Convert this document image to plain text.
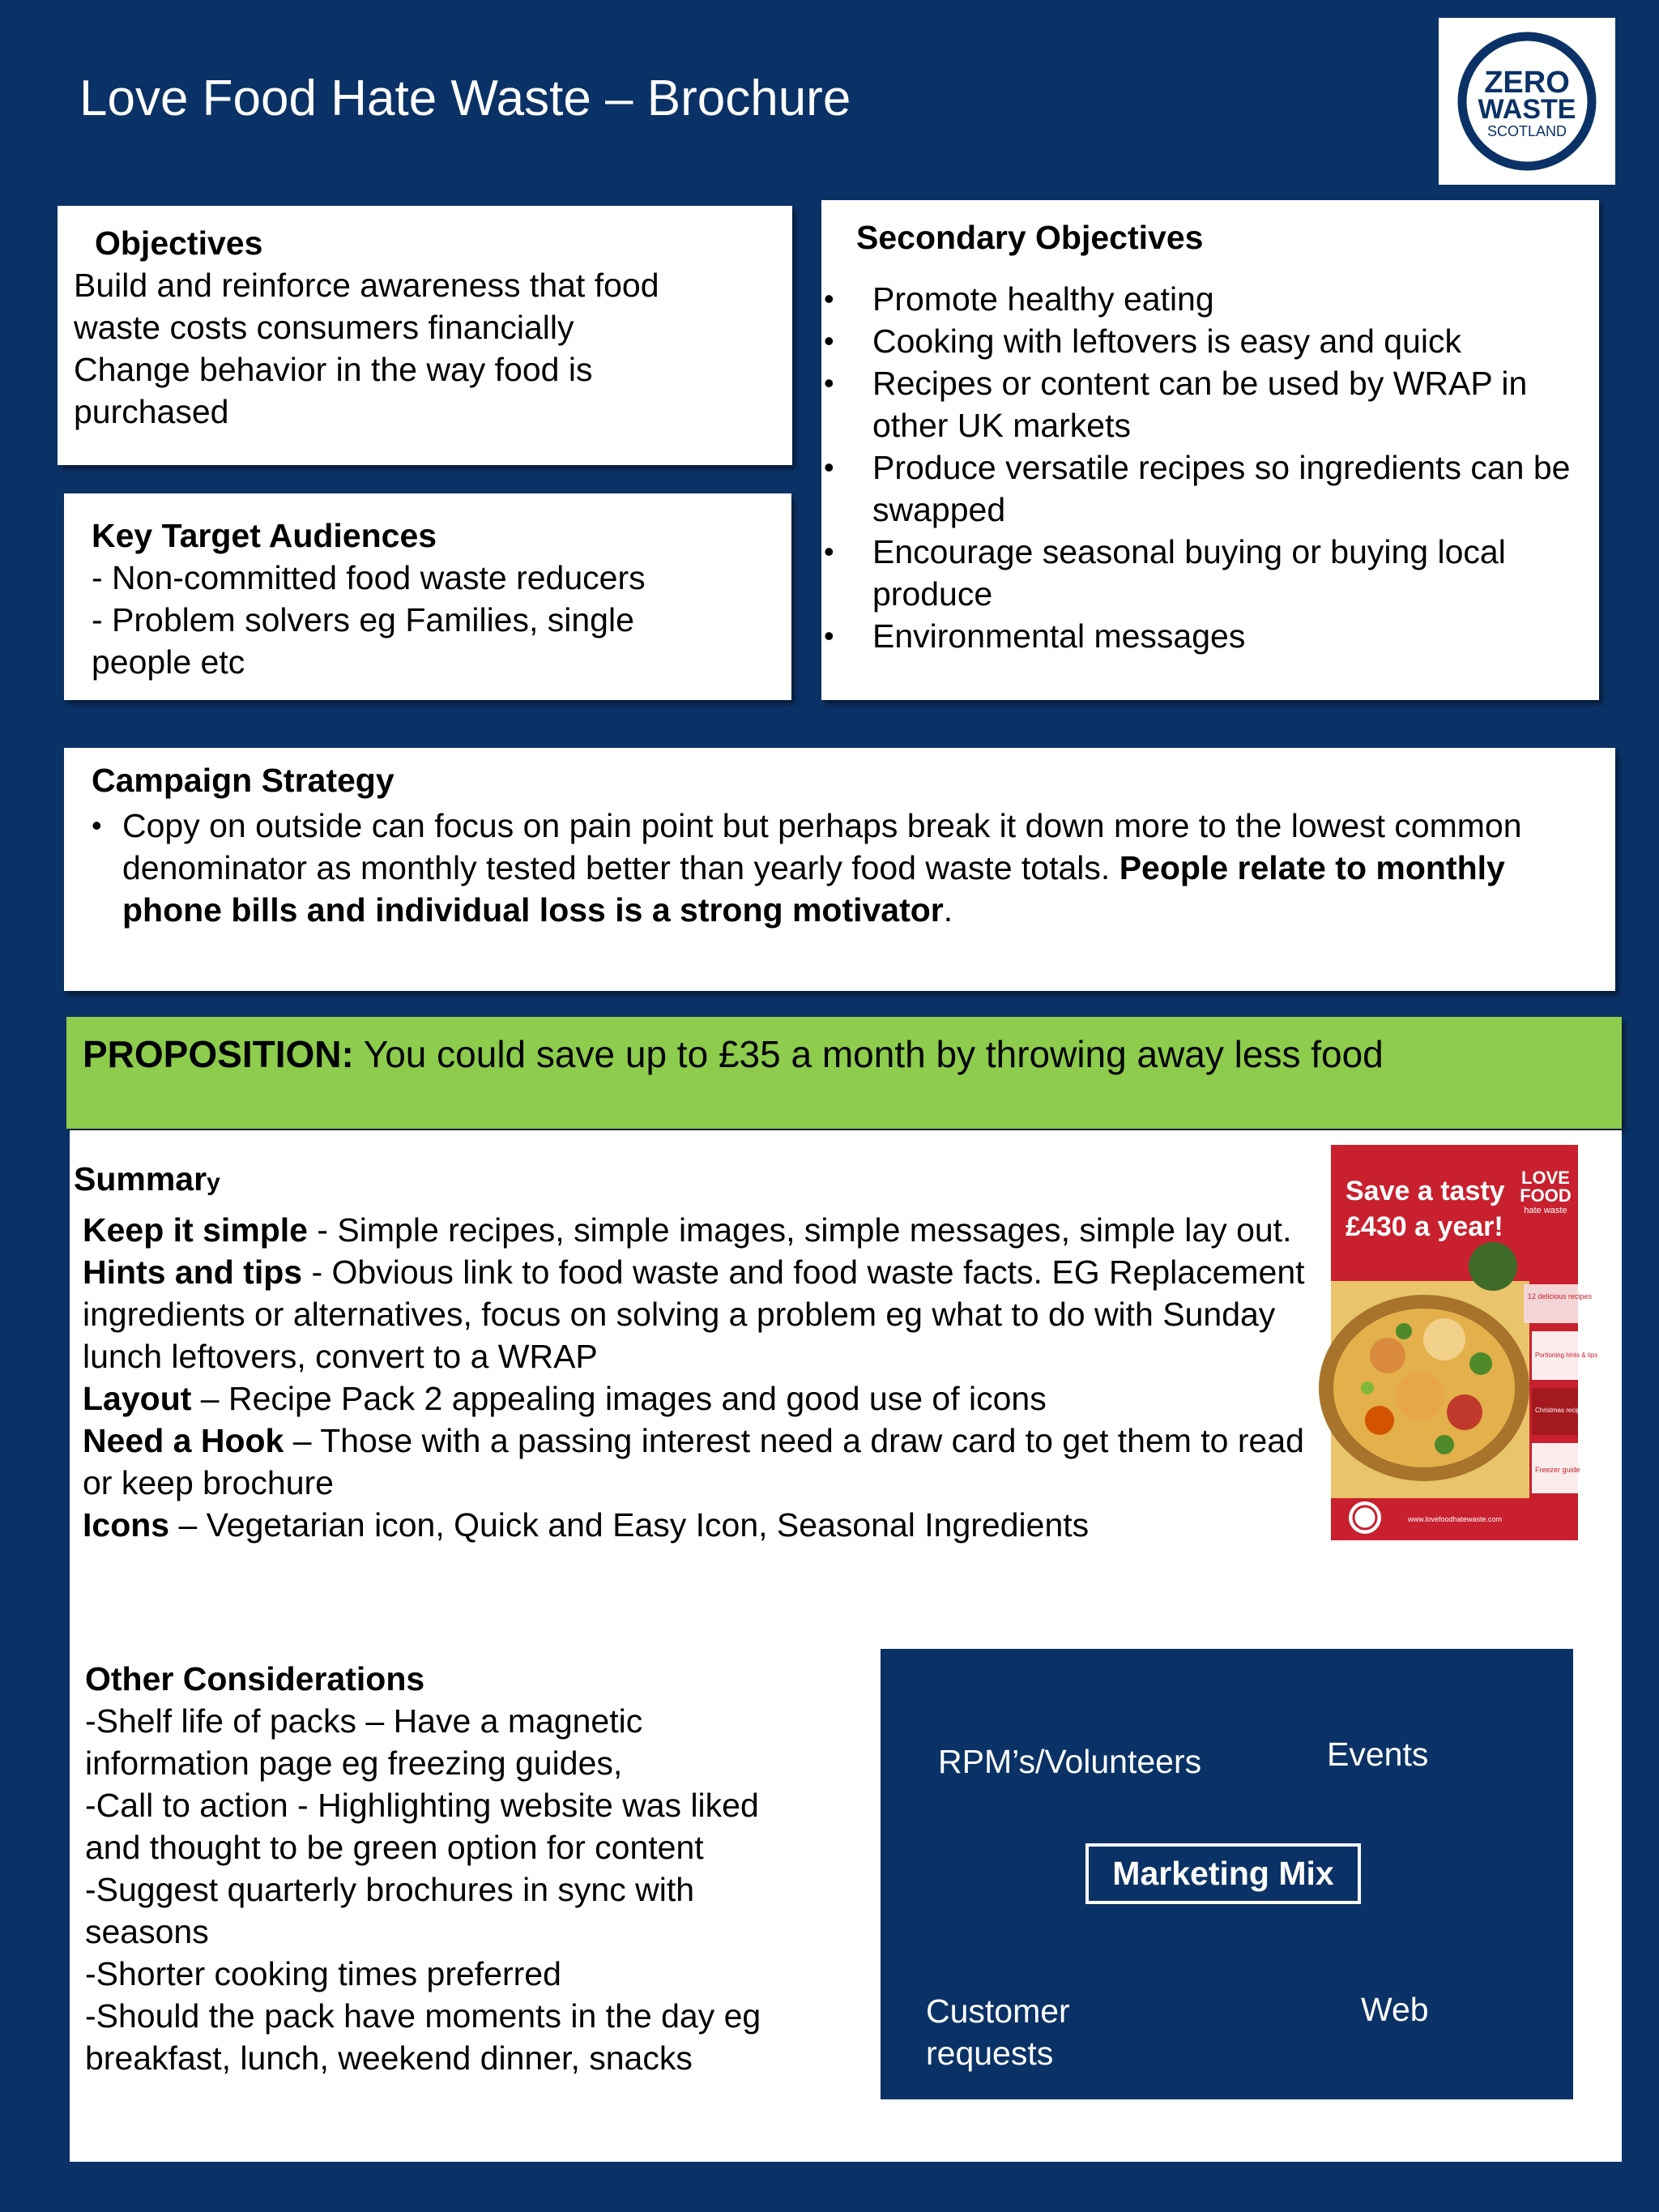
Love Food Hate Waste – Brochure	ZERO
WASTE
SCOTLAND
Objectives
Build and reinforce awareness that food
waste costs consumers financially
Change behavior in the way food is
purchased
Key Target Audiences
- Non-committed food waste reducers
- Problem solvers eg Families, single
people etc
Secondary Objectives
• Promote healthy eating
• Cooking with leftovers is easy and quick
• Recipes or content can be used by WRAP in other UK markets
• Produce versatile recipes so ingredients can be swapped
• Encourage seasonal buying or buying local produce
• Environmental messages
Campaign Strategy
• Copy on outside can focus on pain point but perhaps break it down more to the lowest common denominator as monthly tested better than yearly food waste totals. People relate to monthly phone bills and individual loss is a strong motivator.
PROPOSITION: You could save up to £35 a month by throwing away less food
Summary
Keep it simple - Simple recipes, simple images, simple messages, simple lay out.
Hints and tips - Obvious link to food waste and food waste facts. EG Replacement ingredients or alternatives, focus on solving a problem eg what to do with Sunday lunch leftovers, convert to a WRAP
Layout – Recipe Pack 2 appealing images and good use of icons
Need a Hook – Those with a passing interest need a draw card to get them to read or keep brochure
Icons – Vegetarian icon, Quick and Easy Icon, Seasonal Ingredients
Save a tasty
£430 a year!
LOVE
FOOD
hate waste
12 delicious recipes
Portioning hints & tips
Christmas recipe & tips
Freezer guide
www.lovefoodhatewaste.com
Other Considerations
-Shelf life of packs – Have a magnetic
information page eg freezing guides,
-Call to action - Highlighting website was liked
and thought to be green option for content
-Suggest quarterly brochures in sync with
seasons
-Shorter cooking times preferred
-Should the pack have moments in the day eg
breakfast, lunch, weekend dinner, snacks
RPM’s/Volunteers	Events
Marketing Mix
Customer
requests
Web
